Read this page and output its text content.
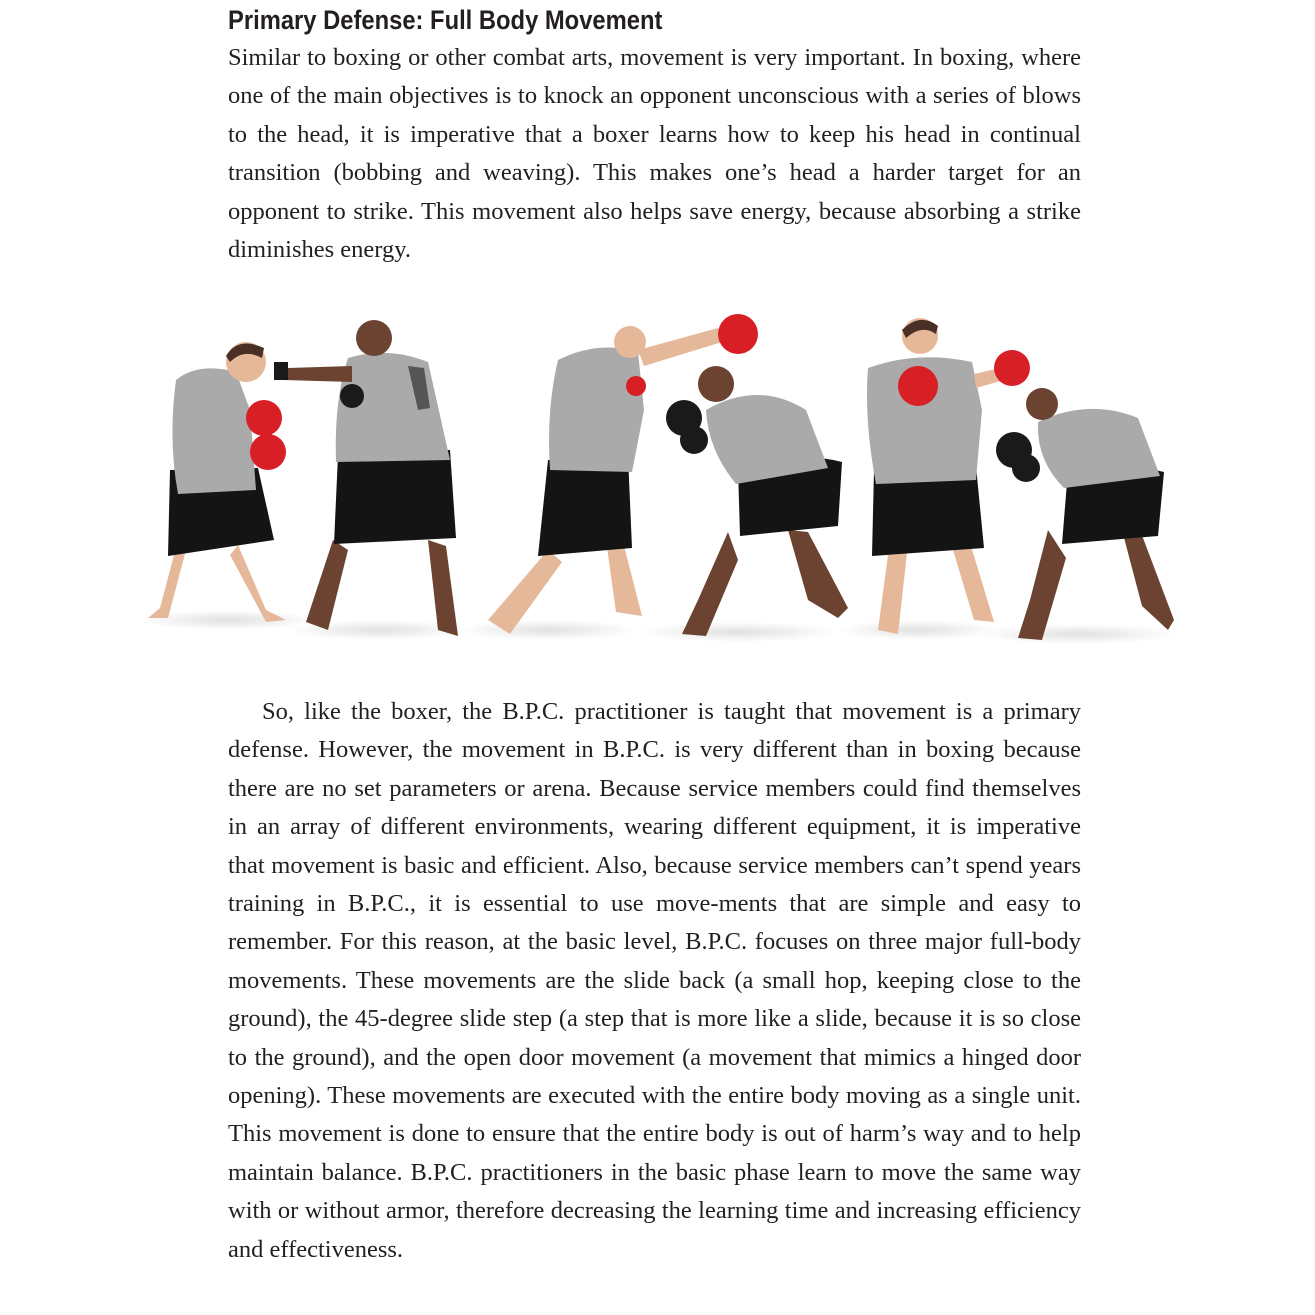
Primary Defense: Full Body Movement

Similar to boxing or other combat arts, movement is very important. In boxing, where one of the main objectives is to knock an opponent unconscious with a series of blows to the head, it is imperative that a boxer learns how to keep his head in continual transition (bobbing and weaving). This makes one’s head a harder target for an opponent to strike. This movement also helps save energy, because absorbing a strike diminishes energy.

So, like the boxer, the B.P.C. practitioner is taught that movement is a primary defense. However, the movement in B.P.C. is very different than in boxing because there are no set parameters or arena. Because service members could find themselves in an array of different environments, wearing different equipment, it is imperative that movement is basic and efficient. Also, because service members can’t spend years training in B.P.C., it is essential to use move-ments that are simple and easy to remember. For this reason, at the basic level, B.P.C. focuses on three major full-body movements. These movements are the slide back (a small hop, keeping close to the ground), the 45-degree slide step (a step that is more like a slide, because it is so close to the ground), and the open door movement (a movement that mimics a hinged door opening). These movements are executed with the entire body moving as a single unit. This movement is done to ensure that the entire body is out of harm’s way and to help maintain balance. B.P.C. practitioners in the basic phase learn to move the same way with or without armor, therefore decreasing the learning time and increasing efficiency and effectiveness.
